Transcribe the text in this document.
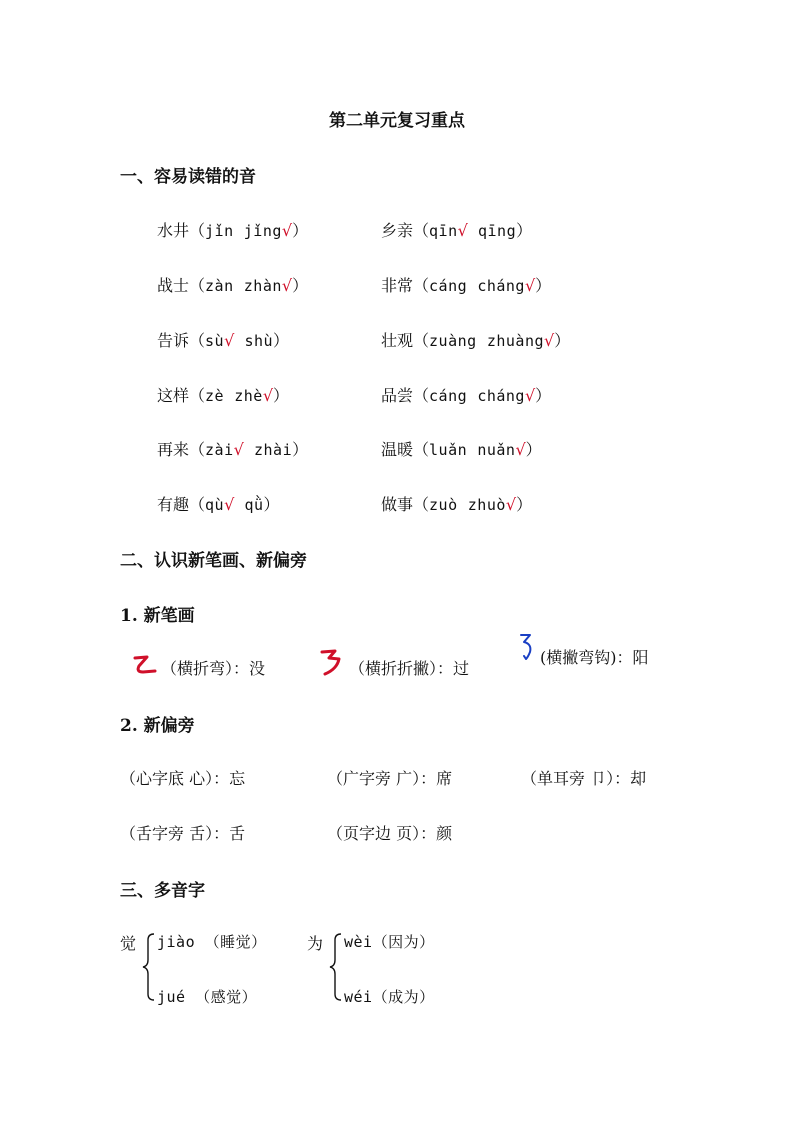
第二单元复习重点
一、容易读错的音
水井（jǐn jǐng√）	乡亲（qīn√ qīng）
战士（zàn zhàn√）	非常（cáng cháng√）
告诉（sù√ shù）	壮观（zuàng zhuàng√）
这样（zè zhè√）	品尝（cáng cháng√）
再来（zài√ zhài）	温暖（luǎn nuǎn√）
有趣（qù√ qǜ）	做事（zuò zhuò√）
二、认识新笔画、新偏旁
1. 新笔画
（横折弯）：没	（横折折撇）：过
(横撇弯钩)：阳
2. 新偏旁
（心字底 心）：忘	（广字旁 广）：席	（单耳旁 卩）：却
（舌字旁 舌）：舌	（页字边 页）：颜
三、多音字
觉 jiào （睡觉）
jué （感觉）
为 wèi（因为）
wéi（成为）
